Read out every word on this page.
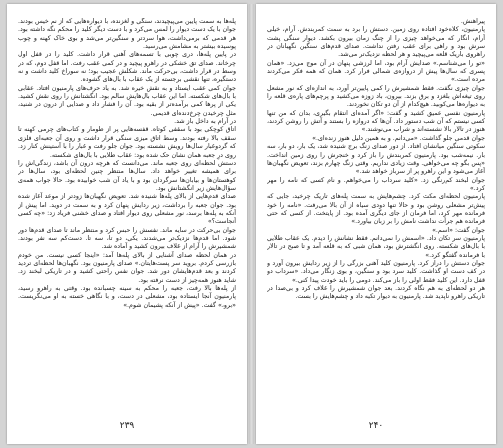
پیراهنش.

پارمنیون، کلاه‌خود افتاده روی زمین. دستش را برد به سمت کمربندش. آرام، خیلی آرام، انگار که می‌خواهد چیزی را از چنگ زمان بیرون بکشد. دیوار سنگی پشت سرش بود و راهی برای عقب رفتن نداشت. صدای قدم‌های سنگین نگهبانان در راهروی باریک قلعه می‌پیچید و هر لحظه نزدیک‌تر می‌شد.

«تو را می‌شناسم.» صدایش آرام بود، اما لرزشی پنهان در آن موج می‌زد. «همان پسری که سال‌ها پیش از دروازه‌ی شمالی فرار کرد. همان که همه فکر می‌کردند مرده است.»

جوان چیزی نگفت. فقط شمشیرش را کمی پایین‌تر آورد، به اندازه‌ای که نور مشعل روی تیغه‌اش بلغزد و برق بزند. بیرون، باد زوزه می‌کشید و پرچم‌های پاره‌ی قلعه را به دیواره‌ها می‌کوبید. هیچ‌کدام از آن دو تکان نخوردند.

پارمنیون نفسی عمیق کشید و گفت: «اگر آمده‌ای انتقام بگیری، بدان که من تنها کسی نیستم که آن شب دستور داد. آن‌ها که دروازه را بستند و آتش را روشن کردند، هنوز در تالار بالا نشسته‌اند و شراب می‌نوشند.»

جوان قدمی جلو گذاشت. «می‌دانم. و به همین دلیل هنوز زنده‌ای.»

سکوتی سنگین میانشان افتاد. از دور صدای زنگ برج شنیده شد، یک بار، دو بار، سه بار. نیمه‌شب بود. پارمنیون کمربندش را باز کرد و خنجرش را روی زمین انداخت. «پس بگو چه می‌خواهی. وقت زیادی نداریم. وقتی زنگ چهارم بزند، تعویض نگهبان‌ها آغاز می‌شود و این راهرو پر از سرباز خواهد شد.»

جوان لبخند کم‌رنگی زد. «کلید سرداب را می‌خواهم. و نام کسی که نامه را مهر کرد.»

پارمنیون لحظه‌ای مکث کرد. چشم‌هایش به سمت پله‌های تاریک چرخید، جایی که پیش‌تر مشعلی روشن بود و حالا تنها دودی سیاه از آن بالا می‌رفت. «نامه را خود فرمانده مهر کرد، اما فرمان از جای دیگری آمده بود. از پایتخت. از کسی که حتی فرمانده هم جرأت نداشت نامش را بر زبان بیاورد.»

جوان گفت: «اسم.»

پارمنیون سر تکان داد. «اسمش را نمی‌دانم. فقط نشانش را دیدم. یک عقاب طلایی با بال‌های شکسته. روی انگشترش بود، همان شبی که به قلعه آمد و تا صبح در تالار با فرمانده گفتگو کرد.»

جوان دستش را دراز کرد. پارمنیون کلید آهنی بزرگی را از زیر ردایش بیرون آورد و در کف دست او گذاشت. کلید سرد بود و سنگین، و بوی زنگار می‌داد. «سرداب دو قفل دارد. این کلید فقط اولی را باز می‌کند. دومی را باید خودت پیدا کنی.»

هر دو لحظه‌ای به هم نگاه کردند. بعد جوان شمشیرش را غلاف کرد و بی‌صدا در تاریکی راهرو ناپدید شد. پارمنیون به دیوار تکیه داد و چشم‌هایش را بست.

۲۴۰

پله‌ها به سمت پایین می‌پیچیدند، سنگی و لغزنده، با دیواره‌هایی که از نم خیس بودند. جوان با یک دست دیوار را لمس می‌کرد و با دست دیگر کلید را محکم نگه داشته بود. هر قدمی که برمی‌داشت، هوا سردتر و سنگین‌تر می‌شد و بوی خاک کهنه و چوب پوسیده بیشتر به مشامش می‌رسید.

در پایین پله‌ها، دری چوبی با تسمه‌های آهنی قرار داشت. کلید را در قفل اول چرخاند. صدای تق خشکی در راهرو پیچید و در کمی عقب رفت. اما قفل دوم، که در وسط در قرار داشت، بی‌حرکت ماند. شکلش عجیب بود؛ نه سوراخ کلید داشت و نه دستگیره، تنها نقشی برجسته از یک عقاب با بال‌های گشوده.

جوان کمی عقب ایستاد و به نقش خیره شد. به یاد حرف‌های پارمنیون افتاد. عقابی با بال‌های شکسته. اما این عقاب بال‌هایش سالم بود. انگشتانش را روی نقش کشید. یکی از پرها کمی برآمده‌تر از بقیه بود. آن را فشار داد و صدایی از درون در شنید، مثل چرخیدن چرخ‌دنده‌ای قدیمی.

در آرام به داخل باز شد.

اتاق کوچکی بود با سقفی کوتاه. قفسه‌هایی پر از طومار و کتاب‌های چرمی کهنه تا سقف بالا رفته بودند. وسط اتاق میزی سنگی قرار داشت و روی آن جعبه‌ای فلزی که گردوغبار سال‌ها رویش نشسته بود. جوان جلو رفت و غبار را با آستینش کنار زد. روی درِ جعبه همان نشان حک شده بود: عقاب طلایی با بال‌های شکسته.

دستش لحظه‌ای روی جعبه ماند. می‌دانست که هرچه درون آن باشد، زندگی‌اش را برای همیشه تغییر خواهد داد. سال‌ها منتظر چنین لحظه‌ای بود، سال‌ها در کوهستان‌ها و بیابان‌ها سرگردان بود و با یاد آن شب خوابیده بود. حالا جواب همه‌ی سؤال‌هایش زیر انگشتانش بود.

صدای قدم‌هایی از بالای پله‌ها شنیده شد. تعویض نگهبان‌ها زودتر از موعد آغاز شده بود. جوان جعبه را برداشت، زیر ردایش پنهان کرد و به سمت در دوید. اما پیش از آنکه به پله‌ها برسد، نور مشعلی روی دیوار افتاد و صدای خشنی فریاد زد: «چه کسی آنجاست؟»

جوان بی‌حرکت در سایه ماند. نفسش را حبس کرد و منتظر ماند تا صدای قدم‌ها دور شود. اما قدم‌ها نزدیک‌تر می‌شدند. یکی، دو تا، سه تا. دست‌کم سه نفر بودند. شمشیرش را آرام از غلاف بیرون کشید و آماده شد.

در همان لحظه صدای آشنایی از بالای پله‌ها آمد: «اینجا کسی نیست. من خودم بازرسی کردم. بروید سر پست‌هایتان.» صدای پارمنیون بود. نگهبان‌ها لحظه‌ای تردید کردند و بعد قدم‌هایشان دور شد. جوان نفس راحتی کشید و در تاریکی لبخند زد. شاید هنوز همه‌چیز از دست نرفته بود.

از پله‌ها بالا رفت، جعبه را محکم به سینه چسبانده بود. وقتی به راهرو رسید، پارمنیون آنجا ایستاده بود، مشعلی در دست، و با نگاهی خسته به او می‌نگریست. «برو،» گفت. «پیش از آنکه پشیمان شوم.»

۲۳۹
